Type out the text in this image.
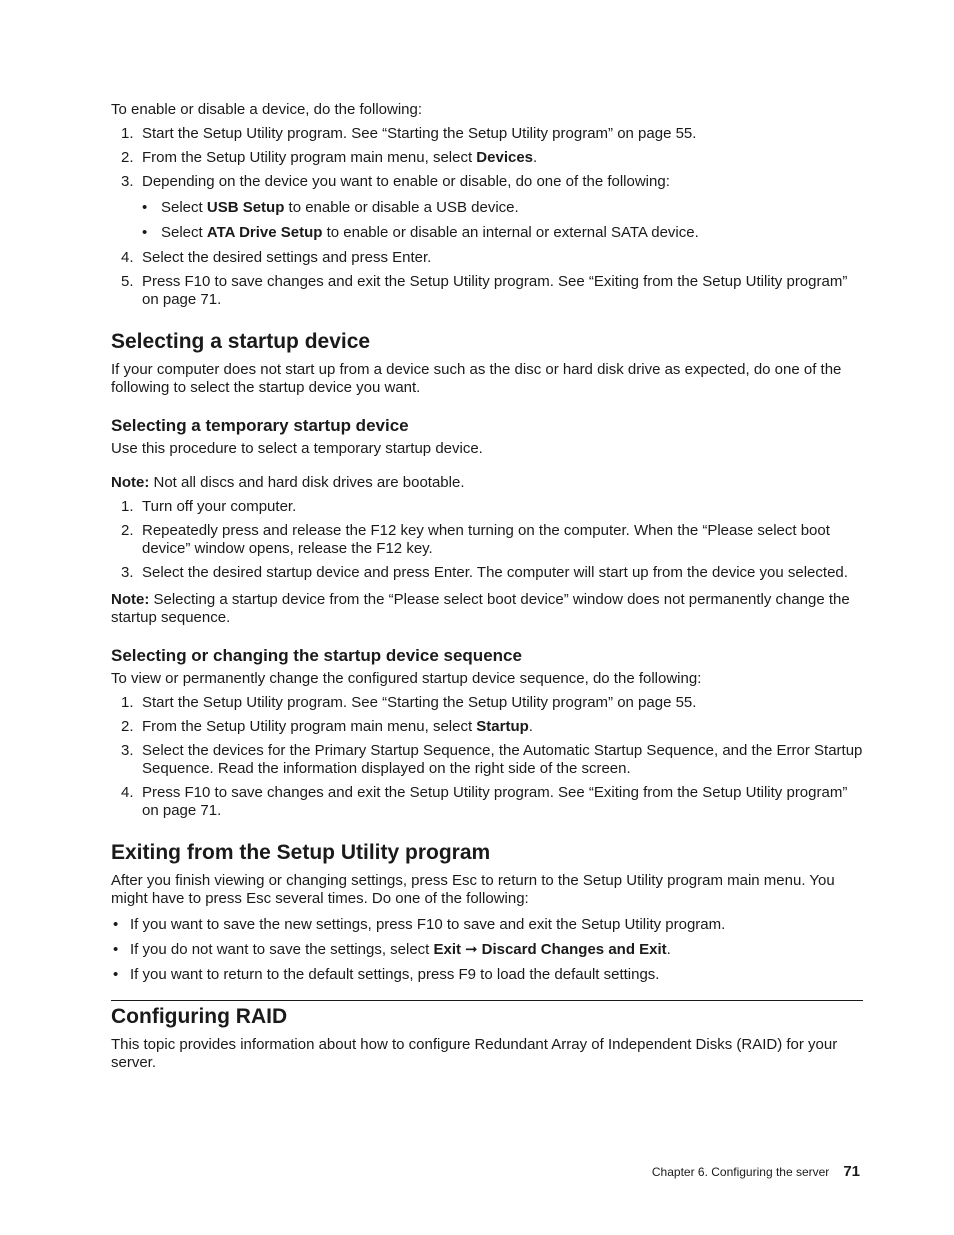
To enable or disable a device, do the following:

1. Start the Setup Utility program. See “Starting the Setup Utility program” on page 55.
2. From the Setup Utility program main menu, select Devices.
3. Depending on the device you want to enable or disable, do one of the following:
• Select USB Setup to enable or disable a USB device.
• Select ATA Drive Setup to enable or disable an internal or external SATA device.
4. Select the desired settings and press Enter.
5. Press F10 to save changes and exit the Setup Utility program. See “Exiting from the Setup Utility program” on page 71.
Selecting a startup device

If your computer does not start up from a device such as the disc or hard disk drive as expected, do one of the following to select the startup device you want.

Selecting a temporary startup device

Use this procedure to select a temporary startup device.

Note: Not all discs and hard disk drives are bootable.

1. Turn off your computer.
2. Repeatedly press and release the F12 key when turning on the computer. When the “Please select boot device” window opens, release the F12 key.
3. Select the desired startup device and press Enter. The computer will start up from the device you selected.

Note: Selecting a startup device from the “Please select boot device” window does not permanently change the startup sequence.

Selecting or changing the startup device sequence

To view or permanently change the configured startup device sequence, do the following:

1. Start the Setup Utility program. See “Starting the Setup Utility program” on page 55.
2. From the Setup Utility program main menu, select Startup.
3. Select the devices for the Primary Startup Sequence, the Automatic Startup Sequence, and the Error Startup Sequence. Read the information displayed on the right side of the screen.
4. Press F10 to save changes and exit the Setup Utility program. See “Exiting from the Setup Utility program” on page 71.
Exiting from the Setup Utility program

After you finish viewing or changing settings, press Esc to return to the Setup Utility program main menu. You might have to press Esc several times. Do one of the following:

• If you want to save the new settings, press F10 to save and exit the Setup Utility program.
• If you do not want to save the settings, select Exit ➞ Discard Changes and Exit.
• If you want to return to the default settings, press F9 to load the default settings.
Configuring RAID

This topic provides information about how to configure Redundant Array of Independent Disks (RAID) for your server.

Chapter 6. Configuring the server 71
